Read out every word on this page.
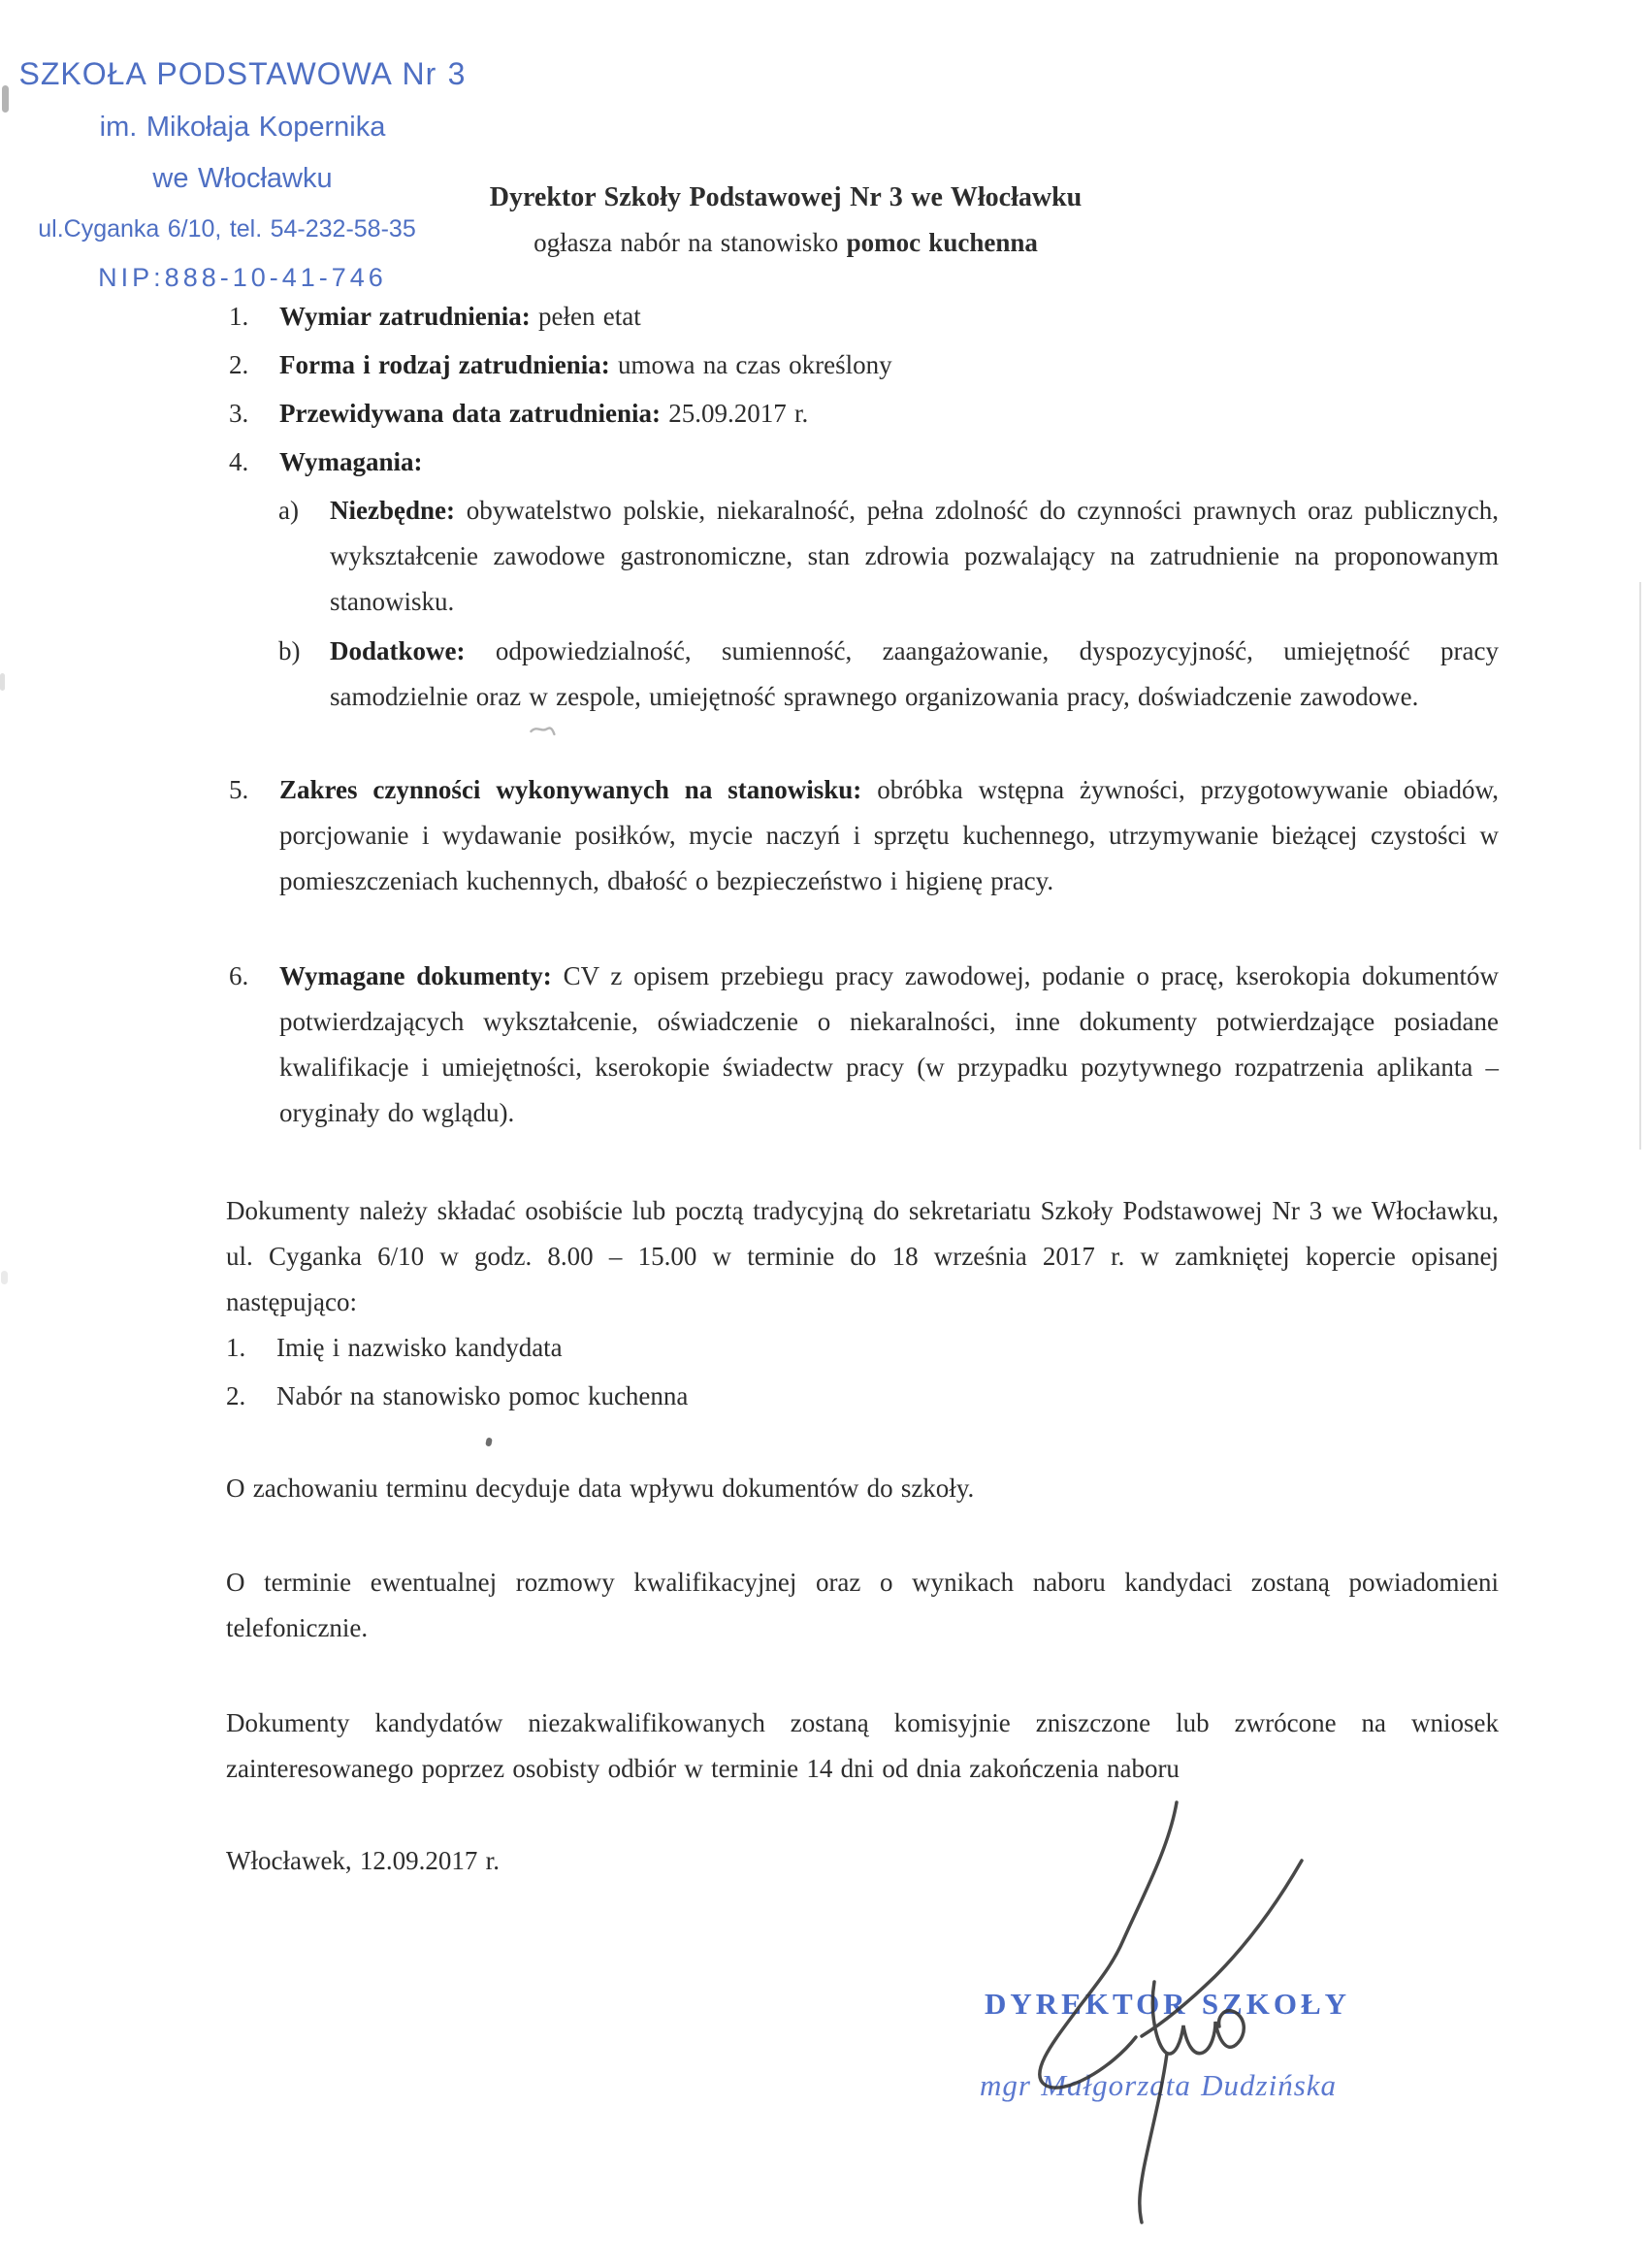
SZKOŁA PODSTAWOWA Nr 3
im. Mikołaja Kopernika
we Włocławku
ul.Cyganka 6/10, tel. 54-232-58-35
NIP:888-10-41-746
Dyrektor Szkoły Podstawowej Nr 3 we Włocławku
ogłasza nabór na stanowisko pomoc kuchenna
1. Wymiar zatrudnienia: pełen etat
2. Forma i rodzaj zatrudnienia: umowa na czas określony
3. Przewidywana data zatrudnienia: 25.09.2017 r.
4. Wymagania:
a) Niezbędne: obywatelstwo polskie, niekaralność, pełna zdolność do czynności prawnych oraz publicznych, wykształcenie zawodowe gastronomiczne, stan zdrowia pozwalający na zatrudnienie na proponowanym stanowisku.
b) Dodatkowe: odpowiedzialność, sumienność, zaangażowanie, dyspozycyjność, umiejętność pracy samodzielnie oraz w zespole, umiejętność sprawnego organizowania pracy, doświadczenie zawodowe.
5. Zakres czynności wykonywanych na stanowisku: obróbka wstępna żywności, przygotowywanie obiadów, porcjowanie i wydawanie posiłków, mycie naczyń i sprzętu kuchennego, utrzymywanie bieżącej czystości w pomieszczeniach kuchennych, dbałość o bezpieczeństwo i higienę pracy.
6. Wymagane dokumenty: CV z opisem przebiegu pracy zawodowej, podanie o pracę, kserokopia dokumentów potwierdzających wykształcenie, oświadczenie o niekaralności, inne dokumenty potwierdzające posiadane kwalifikacje i umiejętności, kserokopie świadectw pracy (w przypadku pozytywnego rozpatrzenia aplikanta – oryginały do wglądu).
Dokumenty należy składać osobiście lub pocztą tradycyjną do sekretariatu Szkoły Podstawowej Nr 3 we Włocławku, ul. Cyganka 6/10 w godz. 8.00 – 15.00 w terminie do 18 września 2017 r. w zamkniętej kopercie opisanej następująco:
1. Imię i nazwisko kandydata
2. Nabór na stanowisko pomoc kuchenna
O zachowaniu terminu decyduje data wpływu dokumentów do szkoły.
O terminie ewentualnej rozmowy kwalifikacyjnej oraz o wynikach naboru kandydaci zostaną powiadomieni telefonicznie.
Dokumenty kandydatów niezakwalifikowanych zostaną komisyjnie zniszczone lub zwrócone na wniosek zainteresowanego poprzez osobisty odbiór w terminie 14 dni od dnia zakończenia naboru
Włocławek, 12.09.2017 r.
DYREKTOR SZKOŁY
mgr Małgorzata Dudzińska
